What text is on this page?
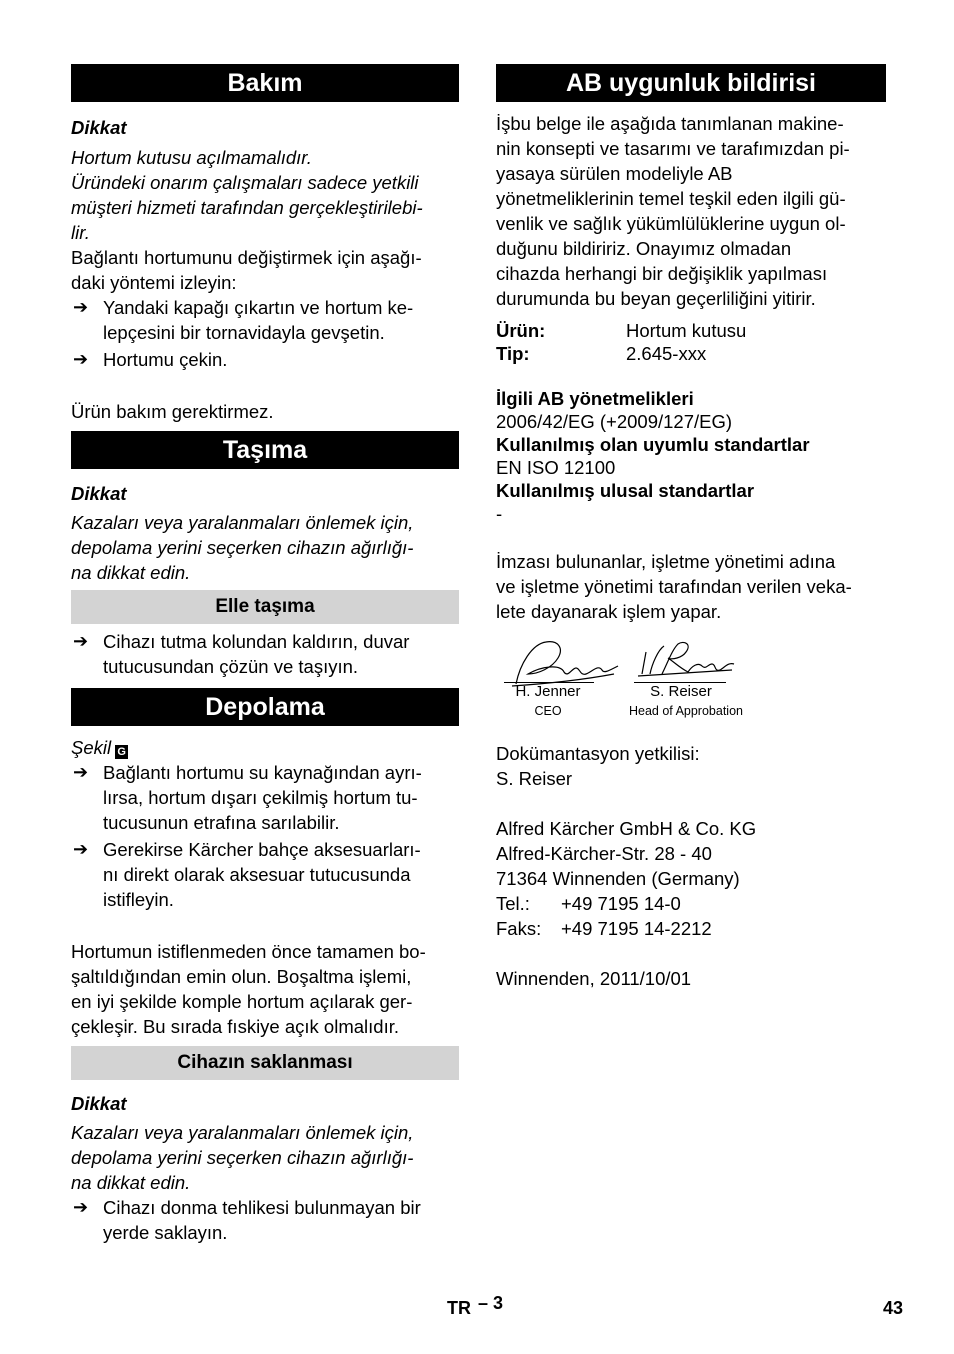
Bakım

Dikkat

Hortum kutusu açılmamalıdır.

Üründeki onarım çalışmaları sadece yetkili

müşteri hizmeti tarafından gerçekleştirilebi-

lir.

Bağlantı hortumunu değiştirmek için aşağı-

daki yöntemi izleyin:

➔ Yandaki kapağı çıkartın ve hortum ke-

lepçesini bir tornavidayla gevşetin.

➔ Hortumu çekin.

Ürün bakım gerektirmez.

Taşıma

Dikkat

Kazaları veya yaralanmaları önlemek için,

depolama yerini seçerken cihazın ağırlığı-

na dikkat edin.

Elle taşıma
➔ Cihazı tutma kolundan kaldırın, duvar

tutucusundan çözün ve taşıyın.

Depolama

Şekil G

➔ Bağlantı hortumu su kaynağından ayrı-

lırsa, hortum dışarı çekilmiş hortum tu-

tucusunun etrafına sarılabilir.

➔ Gerekirse Kärcher bahçe aksesuarları-

nı direkt olarak aksesuar tutucusunda

istifleyin.

Hortumun istiflenmeden önce tamamen bo-

şaltıldığından emin olun. Boşaltma işlemi,

en iyi şekilde komple hortum açılarak ger-

çekleşir. Bu sırada fıskiye açık olmalıdır.

Cihazın saklanması

Dikkat

Kazaları veya yaralanmaları önlemek için,

depolama yerini seçerken cihazın ağırlığı-

na dikkat edin.

➔ Cihazı donma tehlikesi bulunmayan bir

yerde saklayın.

AB uygunluk bildirisi

İşbu belge ile aşağıda tanımlanan makine-

nin konsepti ve tasarımı ve tarafımızdan pi-

yasaya sürülen modeliyle AB

yönetmeliklerinin temel teşkil eden ilgili gü-

venlik ve sağlık yükümlülüklerine uygun ol-

duğunu bildiririz. Onayımız olmadan

cihazda herhangi bir değişiklik yapılması

durumunda bu beyan geçerliliğini yitirir.

Ürün:	Hortum kutusu
Tip:	2.645-xxx

İlgili AB yönetmelikleri

2006/42/EG (+2009/127/EG)

Kullanılmış olan uyumlu standartlar

EN ISO 12100

Kullanılmış ulusal standartlar

-

İmzası bulunanlar, işletme yönetimi adına

ve işletme yönetimi tarafından verilen veka-

lete dayanarak işlem yapar.

H. Jenner
CEO
S. Reiser
Head of Approbation

Dokümantasyon yetkilisi:

S. Reiser

Alfred Kärcher GmbH & Co. KG

Alfred-Kärcher-Str. 28 - 40

71364 Winnenden (Germany)

Tel.:	+49 7195 14-0
Faks:	+49 7195 14-2212

Winnenden, 2011/10/01

TR – 3	43
